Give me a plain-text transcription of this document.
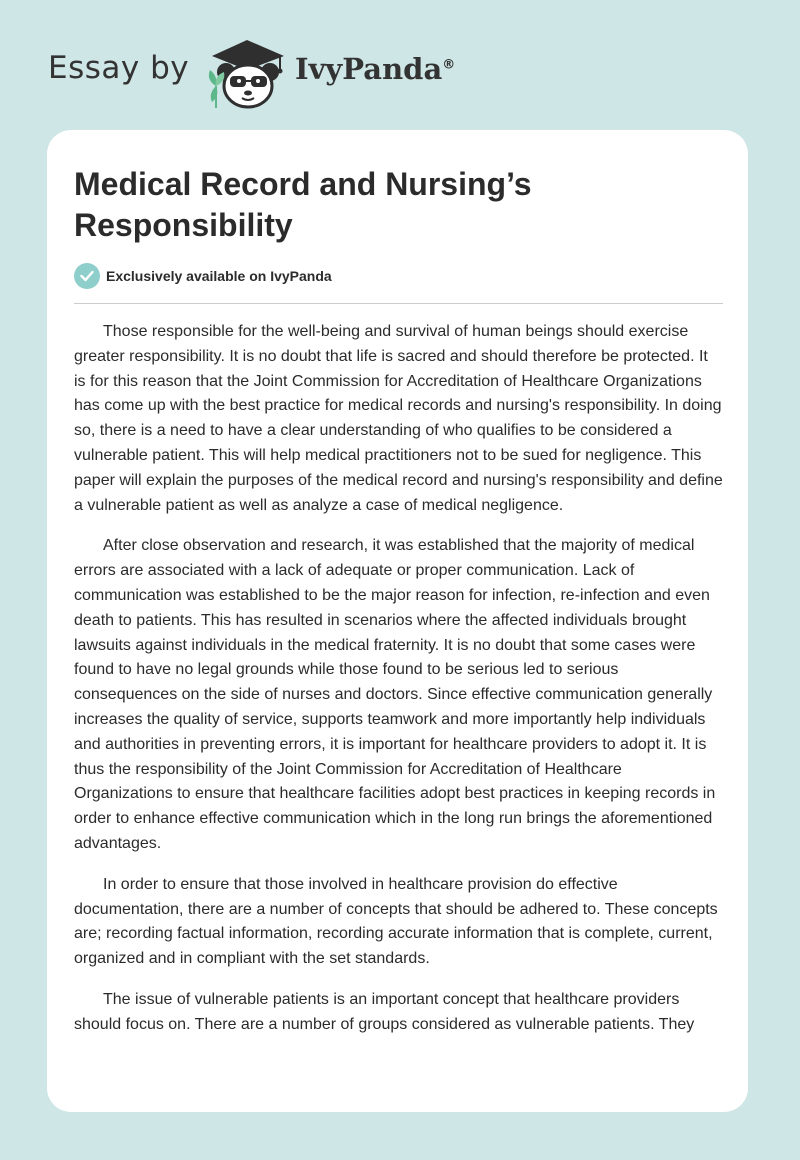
Essay by	IvyPanda®
Medical Record and Nursing’s Responsibility
Exclusively available on IvyPanda

Those responsible for the well-being and survival of human beings should exercise greater responsibility. It is no doubt that life is sacred and should therefore be protected. It is for this reason that the Joint Commission for Accreditation of Healthcare Organizations has come up with the best practice for medical records and nursing's responsibility. In doing so, there is a need to have a clear understanding of who qualifies to be considered a vulnerable patient. This will help medical practitioners not to be sued for negligence. This paper will explain the purposes of the medical record and nursing's responsibility and define a vulnerable patient as well as analyze a case of medical negligence.

After close observation and research, it was established that the majority of medical errors are associated with a lack of adequate or proper communication. Lack of communication was established to be the major reason for infection, re-infection and even death to patients. This has resulted in scenarios where the affected individuals brought lawsuits against individuals in the medical fraternity. It is no doubt that some cases were found to have no legal grounds while those found to be serious led to serious consequences on the side of nurses and doctors. Since effective communication generally increases the quality of service, supports teamwork and more importantly help individuals and authorities in preventing errors, it is important for healthcare providers to adopt it. It is thus the responsibility of the Joint Commission for Accreditation of Healthcare Organizations to ensure that healthcare facilities adopt best practices in keeping records in order to enhance effective communication which in the long run brings the aforementioned advantages.

In order to ensure that those involved in healthcare provision do effective documentation, there are a number of concepts that should be adhered to. These concepts are; recording factual information, recording accurate information that is complete, current, organized and in compliant with the set standards.

The issue of vulnerable patients is an important concept that healthcare providers should focus on. There are a number of groups considered as vulnerable patients. They
